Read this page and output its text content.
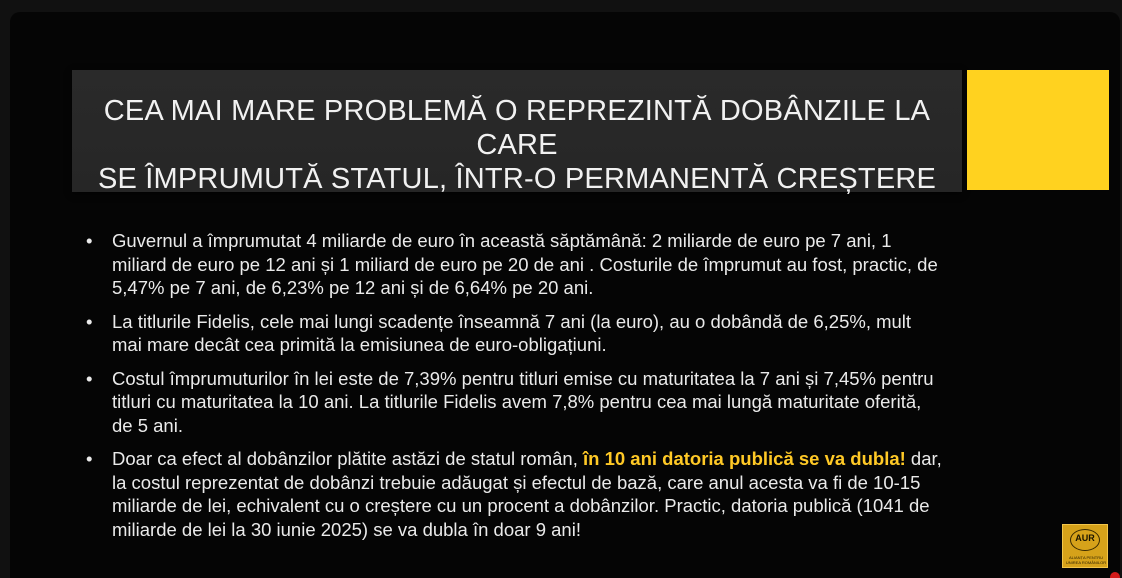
CEA MAI MARE PROBLEMĂ O REPREZINTĂ DOBÂNZILE LA CARE
SE ÎMPRUMUTĂ STATUL, ÎNTR-O PERMANENTĂ CREȘTERE
• Guvernul a împrumutat 4 miliarde de euro în această săptămână: 2 miliarde de euro pe 7 ani, 1 miliard de euro pe 12 ani și 1 miliard de euro pe 20 de ani . Costurile de împrumut au fost, practic, de 5,47% pe 7 ani, de 6,23% pe 12 ani și de 6,64% pe 20 ani.
• La titlurile Fidelis, cele mai lungi scadențe înseamnă 7 ani (la euro), au o dobândă de 6,25%, mult mai mare decât cea primită la emisiunea de euro-obligațiuni.
• Costul împrumuturilor în lei este de 7,39% pentru titluri emise cu maturitatea la 7 ani și 7,45% pentru titluri cu maturitatea la 10 ani. La titlurile Fidelis avem 7,8% pentru cea mai lungă maturitate oferită, de 5 ani.
• Doar ca efect al dobânzilor plătite astăzi de statul român, în 10 ani datoria publică se va dubla! dar, la costul reprezentat de dobânzi trebuie adăugat și efectul de bază, care anul acesta va fi de 10-15 miliarde de lei, echivalent cu o creștere cu un procent a dobânzilor. Practic, datoria publică (1041 de miliarde de lei la 30 iunie 2025) se va dubla în doar 9 ani!	AUR
ALIANȚA PENTRU UNIREA ROMÂNILOR
